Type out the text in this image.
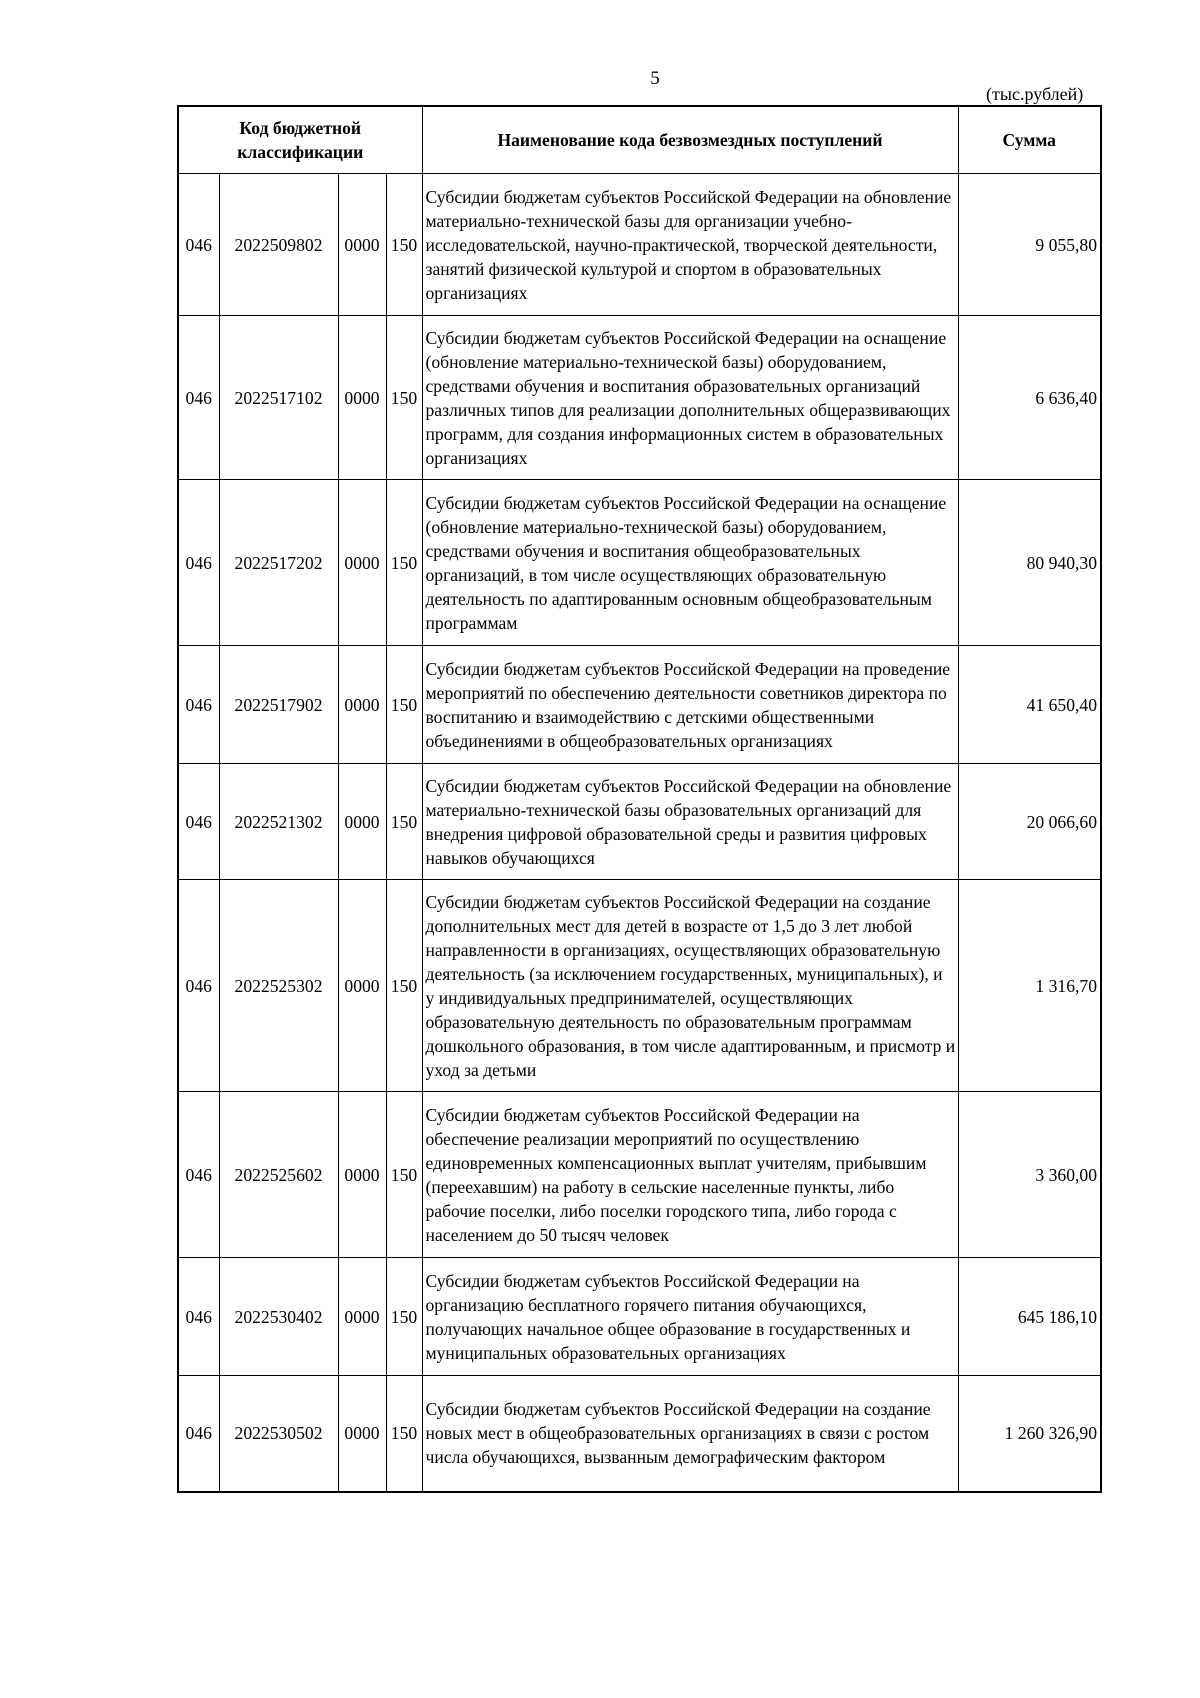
5
(тыс.рублей)
Код бюджетной классификации				Наименование кода безвозмездных поступлений	Сумма
046	2022509802	0000	150	Субсидии бюджетам субъектов Российской Федерации на обновление материально-технической базы для организации учебно-исследовательской, научно-практической, творческой деятельности, занятий физической культурой и спортом в образовательных организациях	9 055,80
046	2022517102	0000	150	Субсидии бюджетам субъектов Российской Федерации на оснащение (обновление материально-технической базы) оборудованием, средствами обучения и воспитания образовательных организаций различных типов для реализации дополнительных общеразвивающих программ, для создания информационных систем в образовательных организациях	6 636,40
046	2022517202	0000	150	Субсидии бюджетам субъектов Российской Федерации на оснащение (обновление материально-технической базы) оборудованием, средствами обучения и воспитания общеобразовательных организаций, в том числе осуществляющих образовательную деятельность по адаптированным основным общеобразовательным программам	80 940,30
046	2022517902	0000	150	Субсидии бюджетам субъектов Российской Федерации на проведение мероприятий по обеспечению деятельности советников директора по воспитанию и взаимодействию с детскими общественными объединениями в общеобразовательных организациях	41 650,40
046	2022521302	0000	150	Субсидии бюджетам субъектов Российской Федерации на обновление материально-технической базы образовательных организаций для внедрения цифровой образовательной среды и развития цифровых навыков обучающихся	20 066,60
046	2022525302	0000	150	Субсидии бюджетам субъектов Российской Федерации на создание дополнительных мест для детей в возрасте от 1,5 до 3 лет любой направленности в организациях, осуществляющих образовательную деятельность (за исключением государственных, муниципальных), и у индивидуальных предпринимателей, осуществляющих образовательную деятельность по образовательным программам дошкольного образования, в том числе адаптированным, и присмотр и уход за детьми	1 316,70
046	2022525602	0000	150	Субсидии бюджетам субъектов Российской Федерации на обеспечение реализации мероприятий по осуществлению единовременных компенсационных выплат учителям, прибывшим (переехавшим) на работу в сельские населенные пункты, либо рабочие поселки, либо поселки городского типа, либо города с населением до 50 тысяч человек	3 360,00
046	2022530402	0000	150	Субсидии бюджетам субъектов Российской Федерации на организацию бесплатного горячего питания обучающихся, получающих начальное общее образование в государственных и муниципальных образовательных организациях	645 186,10
046	2022530502	0000	150	Субсидии бюджетам субъектов Российской Федерации на создание новых мест в общеобразовательных организациях в связи с ростом числа обучающихся, вызванным демографическим фактором	1 260 326,90
